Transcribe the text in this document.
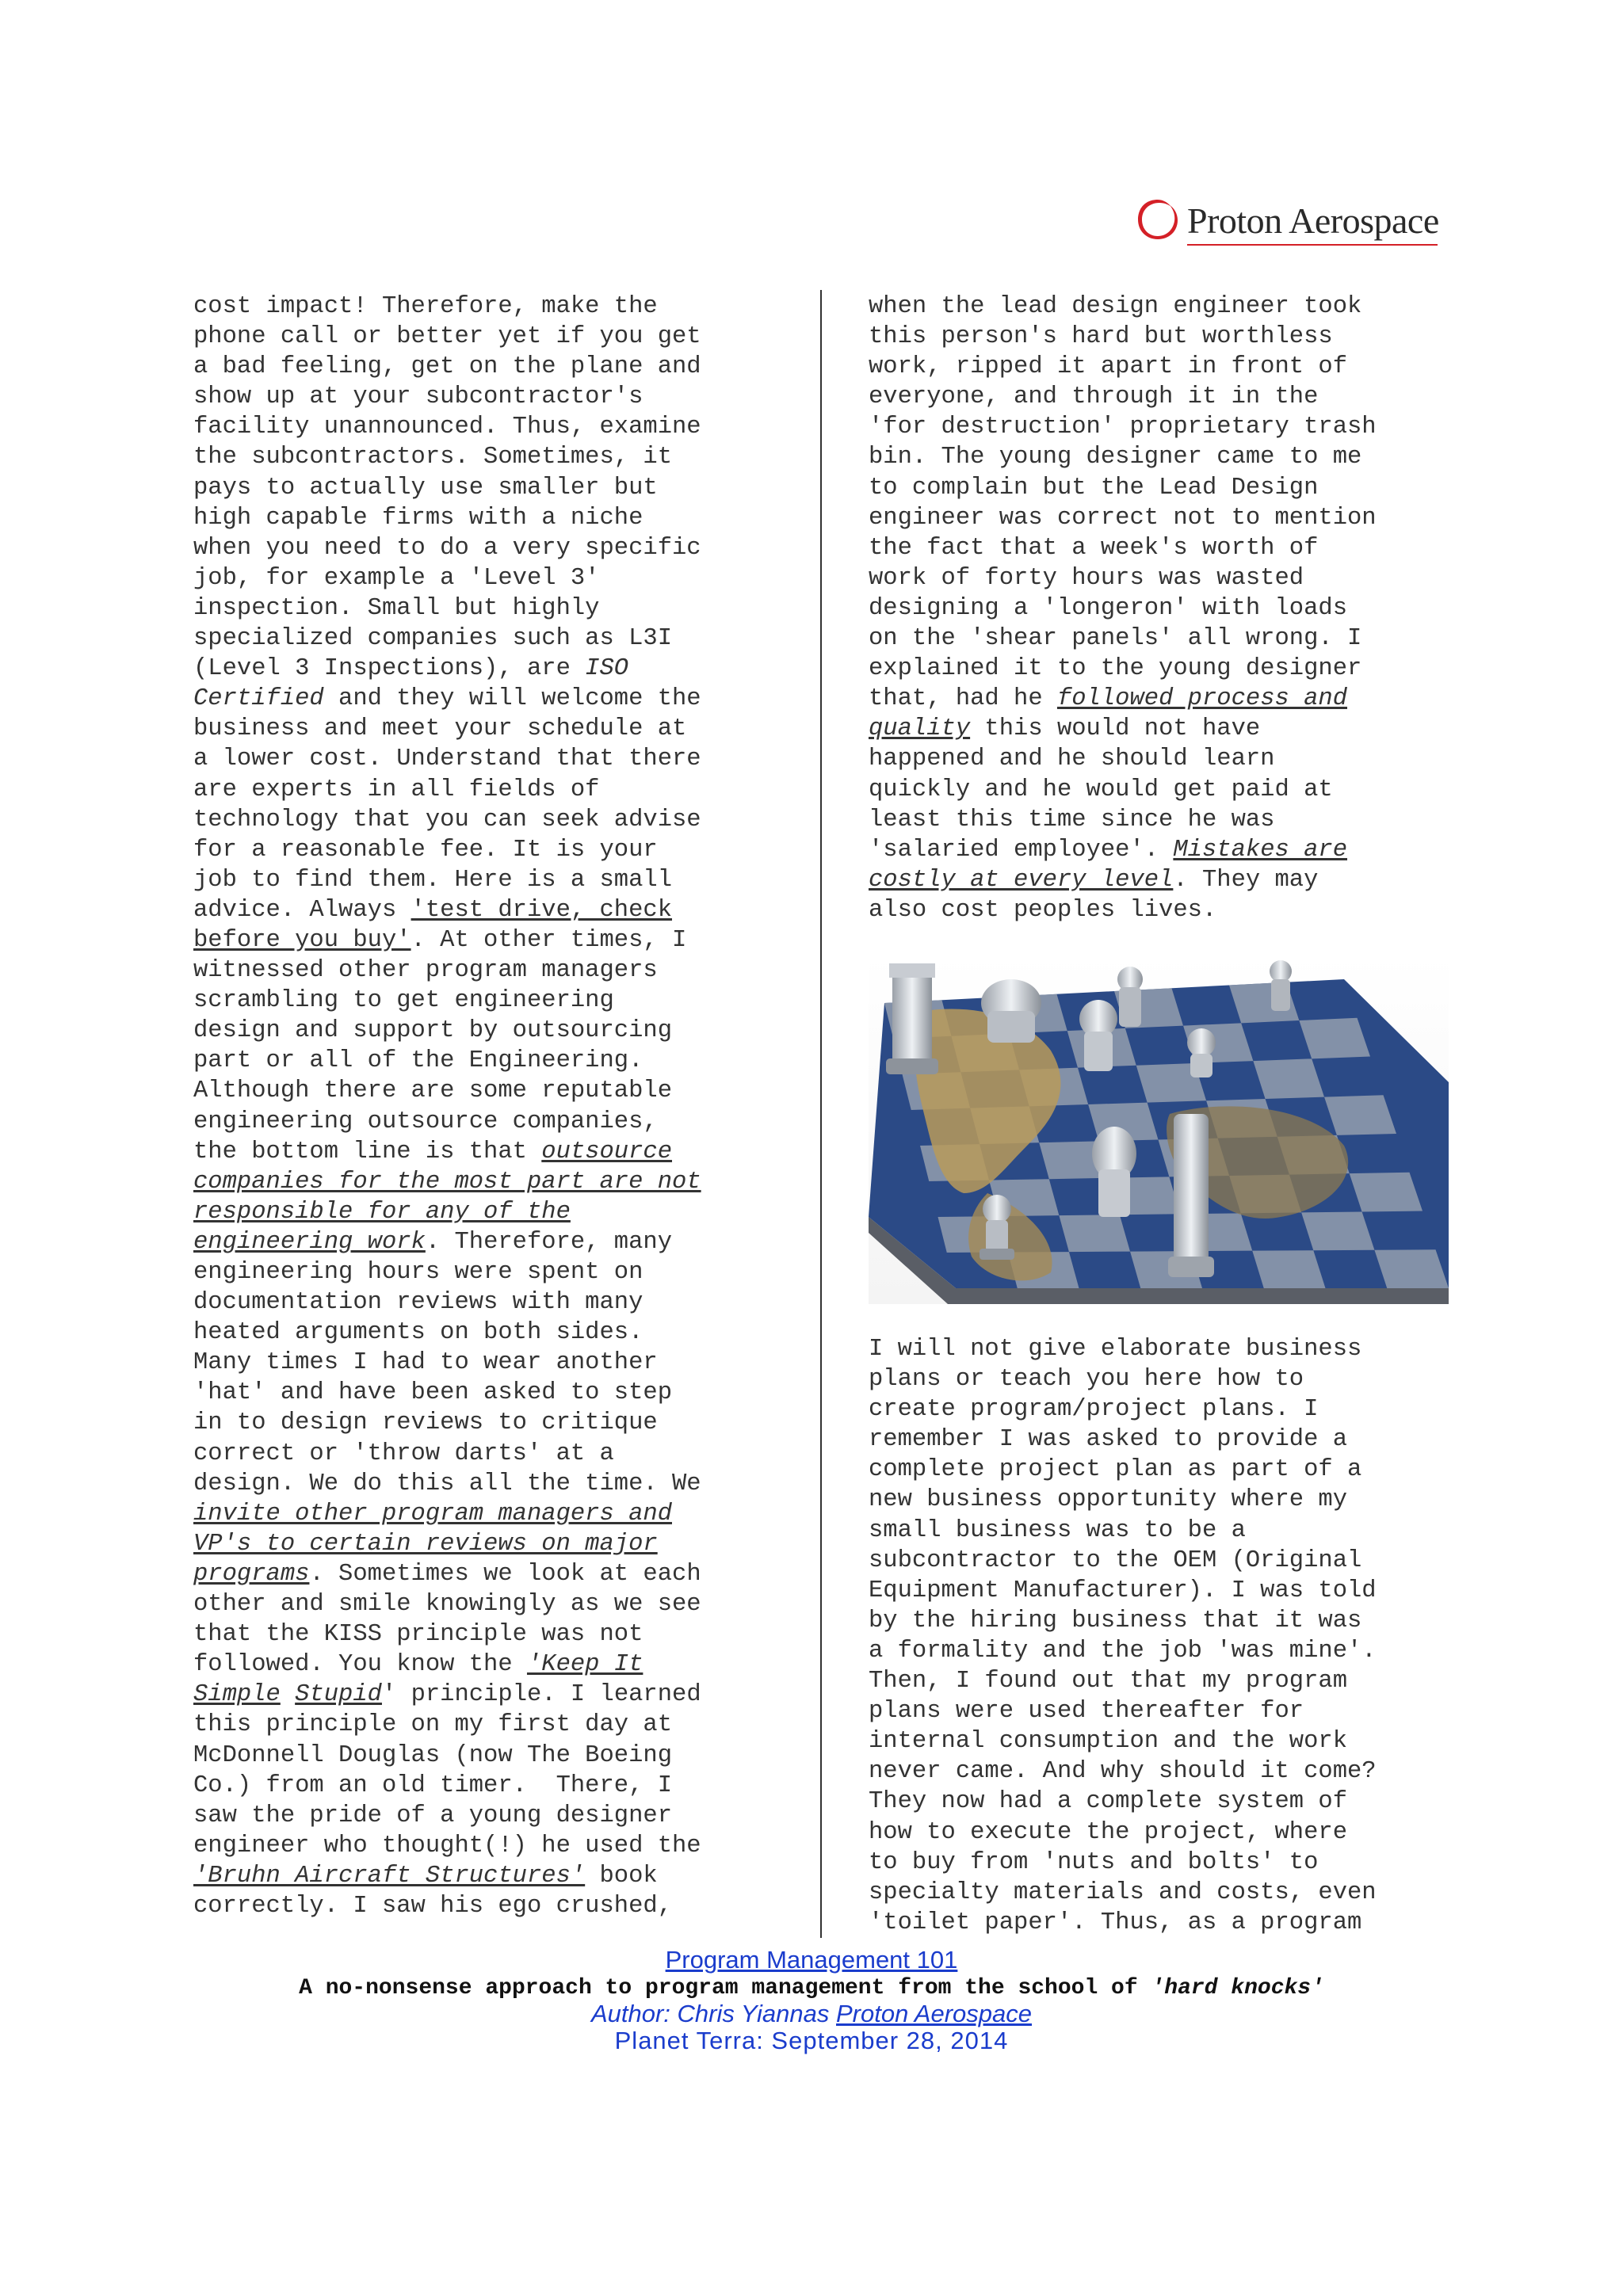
Proton Aerospace
cost impact! Therefore, make the
phone call or better yet if you get
a bad feeling, get on the plane and
show up at your subcontractor's
facility unannounced. Thus, examine
the subcontractors. Sometimes, it
pays to actually use smaller but
high capable firms with a niche
when you need to do a very specific
job, for example a 'Level 3'
inspection. Small but highly
specialized companies such as L3I
(Level 3 Inspections), are ISO
Certified and they will welcome the
business and meet your schedule at
a lower cost. Understand that there
are experts in all fields of
technology that you can seek advise
for a reasonable fee. It is your
job to find them. Here is a small
advice. Always 'test drive, check
before you buy'. At other times, I
witnessed other program managers
scrambling to get engineering
design and support by outsourcing
part or all of the Engineering.
Although there are some reputable
engineering outsource companies,
the bottom line is that outsource
companies for the most part are not
responsible for any of the
engineering work. Therefore, many
engineering hours were spent on
documentation reviews with many
heated arguments on both sides.
Many times I had to wear another
'hat' and have been asked to step
in to design reviews to critique
correct or 'throw darts' at a
design. We do this all the time. We
invite other program managers and
VP's to certain reviews on major
programs. Sometimes we look at each
other and smile knowingly as we see
that the KISS principle was not
followed. You know the 'Keep It
Simple Stupid' principle. I learned
this principle on my first day at
McDonnell Douglas (now The Boeing
Co.) from an old timer.  There, I
saw the pride of a young designer
engineer who thought(!) he used the
'Bruhn Aircraft Structures' book
correctly. I saw his ego crushed,
when the lead design engineer took
this person's hard but worthless
work, ripped it apart in front of
everyone, and through it in the
'for destruction' proprietary trash
bin. The young designer came to me
to complain but the Lead Design
engineer was correct not to mention
the fact that a week's worth of
work of forty hours was wasted
designing a 'longeron' with loads
on the 'shear panels' all wrong. I
explained it to the young designer
that, had he followed process and
quality this would not have
happened and he should learn
quickly and he would get paid at
least this time since he was
'salaried employee'. Mistakes are
costly at every level. They may
also cost peoples lives.
I will not give elaborate business
plans or teach you here how to
create program/project plans. I
remember I was asked to provide a
complete project plan as part of a
new business opportunity where my
small business was to be a
subcontractor to the OEM (Original
Equipment Manufacturer). I was told
by the hiring business that it was
a formality and the job 'was mine'.
Then, I found out that my program
plans were used thereafter for
internal consumption and the work
never came. And why should it come?
They now had a complete system of
how to execute the project, where
to buy from 'nuts and bolts' to
specialty materials and costs, even
'toilet paper'. Thus, as a program
Program Management 101
A no-nonsense approach to program management from the school of 'hard knocks'
Author: Chris Yiannas Proton Aerospace
Planet Terra: September 28, 2014
